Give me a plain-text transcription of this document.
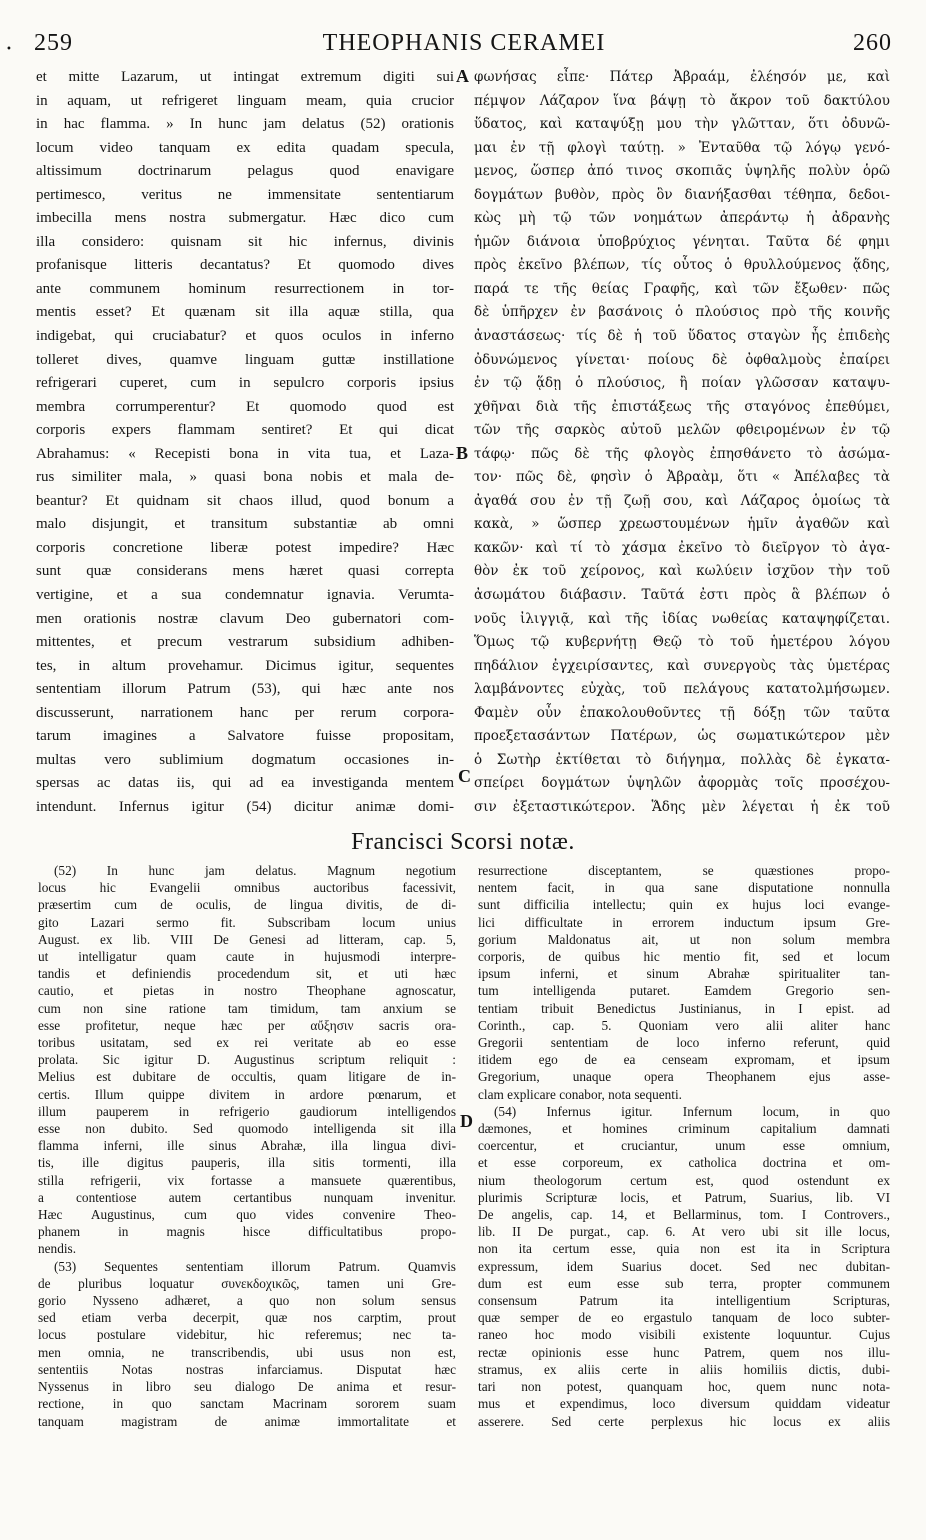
• 259	THEOPHANIS CERAMEI	260
et mitte Lazarum, ut intingat extremum digiti sui
in aquam, ut refrigeret linguam meam, quia crucior
in hac flamma. » In hunc jam delatus (52) orationis
locum video tanquam ex edita quadam specula,
altissimum doctrinarum pelagus quod enavigare
pertimesco, veritus ne immensitate sententiarum
imbecilla mens nostra submergatur. Hæc dico cum
illa considero: quisnam sit hic infernus, divinis
profanisque litteris decantatus? Et quomodo dives
ante communem hominum resurrectionem in tor-
mentis esset? Et quænam sit illa aquæ stilla, qua
indigebat, qui cruciabatur? et quos oculos in inferno
tolleret dives, quamve linguam guttæ instillatione
refrigerari cuperet, cum in sepulcro corporis ipsius
membra corrumperentur? Et quomodo quod est
corporis expers flammam sentiret? Et qui dicat
Abrahamus: « Recepisti bona in vita tua, et Laza-
rus similiter mala, » quasi bona nobis et mala de-
beantur? Et quidnam sit chaos illud, quod bonum a
malo disjungit, et transitum substantiæ ab omni
corporis concretione liberæ potest impedire? Hæc
sunt quæ considerans mens hæret quasi correpta
vertigine, et a sua condemnatur ignavia. Verumta-
men orationis nostræ clavum Deo gubernatori com-
mittentes, et precum vestrarum subsidium adhiben-
tes, in altum provehamur. Dicimus igitur, sequentes
sententiam illorum Patrum (53), qui hæc ante nos
discusserunt, narrationem hanc per rerum corpora-
tarum imagines a Salvatore fuisse propositam,
multas vero sublimium dogmatum occasiones in-
spersas ac datas iis, qui ad ea investiganda mentem
intendunt. Infernus igitur (54) dicitur animæ domi-
φωνήσας εἶπε· Πάτερ Ἀβραάμ, ἐλέησόν με, καὶ
πέμψον Λάζαρον ἵνα βάψῃ τὸ ἄκρον τοῦ δακτύλου
ὕδατος, καὶ καταψύξῃ μου τὴν γλῶτταν, ὅτι ὀδυνῶ-
μαι ἐν τῇ φλογὶ ταύτῃ. » Ἐνταῦθα τῷ λόγῳ γενό-
μενος, ὥσπερ ἀπό τινος σκοπιᾶς ὑψηλῆς πολὺν ὁρῶ
δογμάτων βυθὸν, πρὸς ὃν διανήξασθαι τέθηπα, δεδοι-
κὼς μὴ τῷ τῶν νοημάτων ἀπεράντῳ ἡ ἀδρανὴς
ἡμῶν διάνοια ὑποβρύχιος γένηται. Ταῦτα δέ φημι
πρὸς ἐκεῖνο βλέπων, τίς οὗτος ὁ θρυλλούμενος ᾅδης,
παρά τε τῆς θείας Γραφῆς, καὶ τῶν ἔξωθεν· πῶς
δὲ ὑπῆρχεν ἐν βασάνοις ὁ πλούσιος πρὸ τῆς κοινῆς
ἀναστάσεως· τίς δὲ ἡ τοῦ ὕδατος σταγὼν ἧς ἐπιδεὴς
ὀδυνώμενος γίνεται· ποίους δὲ ὀφθαλμοὺς ἐπαίρει
ἐν τῷ ᾅδῃ ὁ πλούσιος, ἢ ποίαν γλῶσσαν καταψυ-
χθῆναι διὰ τῆς ἐπιστάξεως τῆς σταγόνος ἐπεθύμει,
τῶν τῆς σαρκὸς αὐτοῦ μελῶν φθειρομένων ἐν τῷ
τάφῳ· πῶς δὲ τῆς φλογὸς ἐπησθάνετο τὸ ἀσώμα-
τον· πῶς δὲ, φησὶν ὁ Ἀβραὰμ, ὅτι « Ἀπέλαβες τὰ
ἀγαθά σου ἐν τῇ ζωῇ σου, καὶ Λάζαρος ὁμοίως τὰ
κακὰ, » ὥσπερ χρεωστουμένων ἡμῖν ἀγαθῶν καὶ
κακῶν· καὶ τί τὸ χάσμα ἐκεῖνο τὸ διεῖργον τὸ ἀγα-
θὸν ἐκ τοῦ χείρονος, καὶ κωλύειν ἰσχῦον τὴν τοῦ
ἀσωμάτου διάβασιν. Ταῦτά ἐστι πρὸς ἃ βλέπων ὁ
νοῦς ἰλιγγιᾷ, καὶ τῆς ἰδίας νωθείας καταψηφίζεται.
Ὅμως τῷ κυβερνήτῃ Θεῷ τὸ τοῦ ἡμετέρου λόγου
πηδάλιον ἐγχειρίσαντες, καὶ συνεργοὺς τὰς ὑμετέρας
λαμβάνοντες εὐχὰς, τοῦ πελάγους κατατολμήσωμεν.
Φαμὲν οὖν ἐπακολουθοῦντες τῇ δόξῃ τῶν ταῦτα
προεξετασάντων Πατέρων, ὡς σωματικώτερον μὲν
ὁ Σωτὴρ ἐκτίθεται τὸ διήγημα, πολλὰς δὲ ἐγκατα-
σπείρει δογμάτων ὑψηλῶν ἀφορμὰς τοῖς προσέχου-
σιν ἐξεταστικώτερον. Ἅδης μὲν λέγεται ἡ ἐκ τοῦ
A
B
C
D
Francisci Scorsi notæ.
(52) In hunc jam delatus. Magnum negotium
locus hic Evangelii omnibus auctoribus facessivit,
præsertim cum de oculis, de lingua divitis, de di-
gito Lazari sermo fit. Subscribam locum unius
August. ex lib. VIII De Genesi ad litteram, cap. 5,
ut intelligatur quam caute in hujusmodi interpre-
tandis et definiendis procedendum sit, et uti hæc
cautio, et pietas in nostro Theophane agnoscatur,
cum non sine ratione tam timidum, tam anxium se
esse profitetur, neque hæc per αὔξησιν sacris ora-
toribus usitatam, sed ex rei veritate ab eo esse
prolata. Sic igitur D. Augustinus scriptum reliquit :
Melius est dubitare de occultis, quam litigare de in-
certis. Illum quippe divitem in ardore pœnarum, et
illum pauperem in refrigerio gaudiorum intelligendos
esse non dubito. Sed quomodo intelligenda sit illa
flamma inferni, ille sinus Abrahæ, illa lingua divi-
tis, ille digitus pauperis, illa sitis tormenti, illa
stilla refrigerii, vix fortasse a mansuete quærentibus,
a contentiose autem certantibus nunquam invenitur.
Hæc Augustinus, cum quo vides convenire Theo-
phanem in magnis hisce difficultatibus propo-
nendis.
(53) Sequentes sententiam illorum Patrum. Quamvis
de pluribus loquatur συνεκδοχικῶς, tamen uni Gre-
gorio Nysseno adhæret, a quo non solum sensus
sed etiam verba decerpit, quæ nos carptim, prout
locus postulare videbitur, hic referemus; nec ta-
men omnia, ne transcribendis, ubi usus non est,
sententiis Notas nostras infarciamus. Disputat hæc
Nyssenus in libro seu dialogo De anima et resur-
rectione, in quo sanctam Macrinam sororem suam
tanquam magistram de animæ immortalitate et
resurrectione disceptantem, se quæstiones propo-
nentem facit, in qua sane disputatione nonnulla
sunt difficilia intellectu; quin ex hujus loci evange-
lici difficultate in errorem inductum ipsum Gre-
gorium Maldonatus ait, ut non solum membra
corporis, de quibus hic mentio fit, sed et locum
ipsum inferni, et sinum Abrahæ spiritualiter tan-
tum intelligenda putaret. Eamdem Gregorio sen-
tentiam tribuit Benedictus Justinianus, in I epist. ad
Corinth., cap. 5. Quoniam vero alii aliter hanc
Gregorii sententiam de loco inferno referunt, quid
itidem ego de ea censeam expromam, et ipsum
Gregorium, unaque opera Theophanem ejus asse-
clam explicare conabor, nota sequenti.
(54) Infernus igitur. Infernum locum, in quo
dæmones, et homines criminum capitalium damnati
coercentur, et cruciantur, unum esse omnium,
et esse corporeum, ex catholica doctrina et om-
nium theologorum certum est, quod ostendunt ex
plurimis Scripturæ locis, et Patrum, Suarius, lib. VI
De angelis, cap. 14, et Bellarminus, tom. I Controvers.,
lib. II De purgat., cap. 6. At vero ubi sit ille locus,
non ita certum esse, quia non est ita in Scriptura
expressum, idem Suarius docet. Sed nec dubitan-
dum est eum esse sub terra, propter communem
consensum Patrum ita intelligentium Scripturas,
quæ semper de eo ergastulo tanquam de loco subter-
raneo hoc modo visibili existente loquuntur. Cujus
rectæ opinionis esse hunc Patrem, quem nos illu-
stramus, ex aliis certe in aliis homiliis dictis, dubi-
tari non potest, quanquam hoc, quem nunc nota-
mus et expendimus, loco diversum quiddam videatur
asserere. Sed certe perplexus hic locus ex aliis
